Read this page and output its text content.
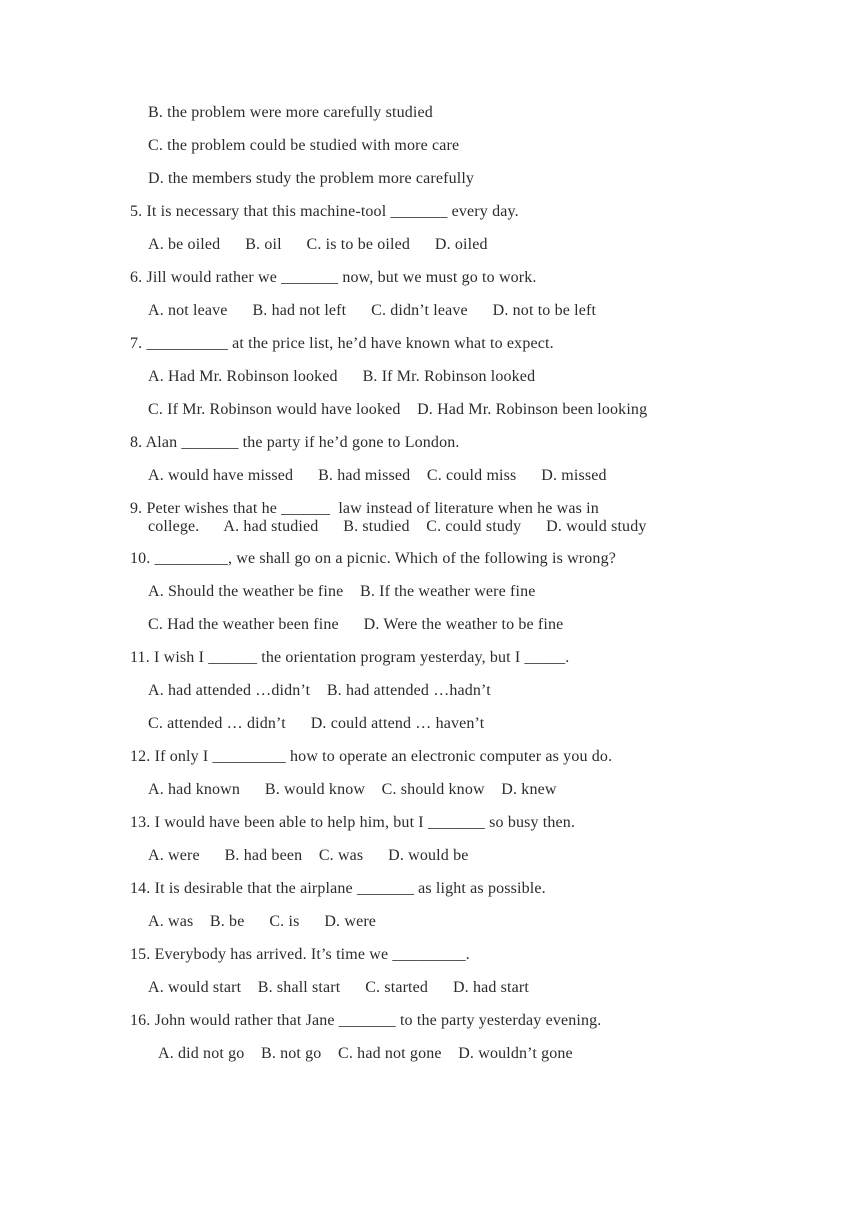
B. the problem were more carefully studied
C. the problem could be studied with more care
D. the members study the problem more carefully
5. It is necessary that this machine-tool _______ every day.
A. be oiled      B. oil      C. is to be oiled      D. oiled
6. Jill would rather we _______ now, but we must go to work.
A. not leave      B. had not left      C. didn’t leave      D. not to be left
7. __________ at the price list, he’d have known what to expect.
A. Had Mr. Robinson looked      B. If Mr. Robinson looked
C. If Mr. Robinson would have looked    D. Had Mr. Robinson been looking
8. Alan _______ the party if he’d gone to London.
A. would have missed      B. had missed    C. could miss      D. missed
9. Peter wishes that he ______  law instead of literature when he was in
college.      A. had studied      B. studied    C. could study      D. would study
10. _________, we shall go on a picnic. Which of the following is wrong?
A. Should the weather be fine    B. If the weather were fine
C. Had the weather been fine      D. Were the weather to be fine
11. I wish I ______ the orientation program yesterday, but I _____.
A. had attended …didn’t    B. had attended …hadn’t
C. attended … didn’t      D. could attend … haven’t
12. If only I _________ how to operate an electronic computer as you do.
A. had known      B. would know    C. should know    D. knew
13. I would have been able to help him, but I _______ so busy then.
A. were      B. had been    C. was      D. would be
14. It is desirable that the airplane _______ as light as possible.
A. was    B. be      C. is      D. were
15. Everybody has arrived. It’s time we _________.
A. would start    B. shall start      C. started      D. had start
16. John would rather that Jane _______ to the party yesterday evening.
A. did not go    B. not go    C. had not gone    D. wouldn’t gone
